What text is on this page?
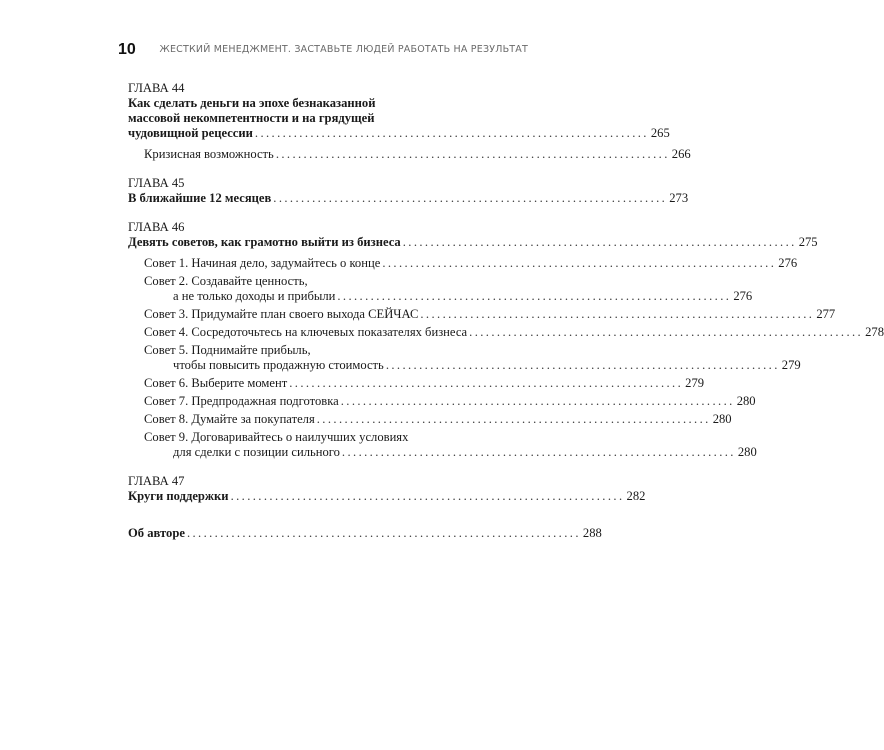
10 ЖЕСТКИЙ МЕНЕДЖМЕНТ. ЗАСТАВЬТЕ ЛЮДЕЙ РАБОТАТЬ НА РЕЗУЛЬТАТ
ГЛАВА 44
Как сделать деньги на эпохе безнаказанной
массовой некомпетентности и на грядущей
чудовищной рецессии ....................................................................... 265
Кризисная возможность ....................................................................... 266
ГЛАВА 45
В ближайшие 12 месяцев ....................................................................... 273
ГЛАВА 46
Девять советов, как грамотно выйти из бизнеса ....................................................................... 275
Совет 1. Начиная дело, задумайтесь о конце ....................................................................... 276
Совет 2. Создавайте ценность,
а не только доходы и прибыли ....................................................................... 276
Совет 3. Придумайте план своего выхода СЕЙЧАС ....................................................................... 277
Совет 4. Сосредоточьтесь на ключевых показателях бизнеса ....................................................................... 278
Совет 5. Поднимайте прибыль,
чтобы повысить продажную стоимость ....................................................................... 279
Совет 6. Выберите момент ....................................................................... 279
Совет 7. Предпродажная подготовка ....................................................................... 280
Совет 8. Думайте за покупателя ....................................................................... 280
Совет 9. Договаривайтесь о наилучших условиях
для сделки с позиции сильного ....................................................................... 280
ГЛАВА 47
Круги поддержки ....................................................................... 282
Об авторе ....................................................................... 288
